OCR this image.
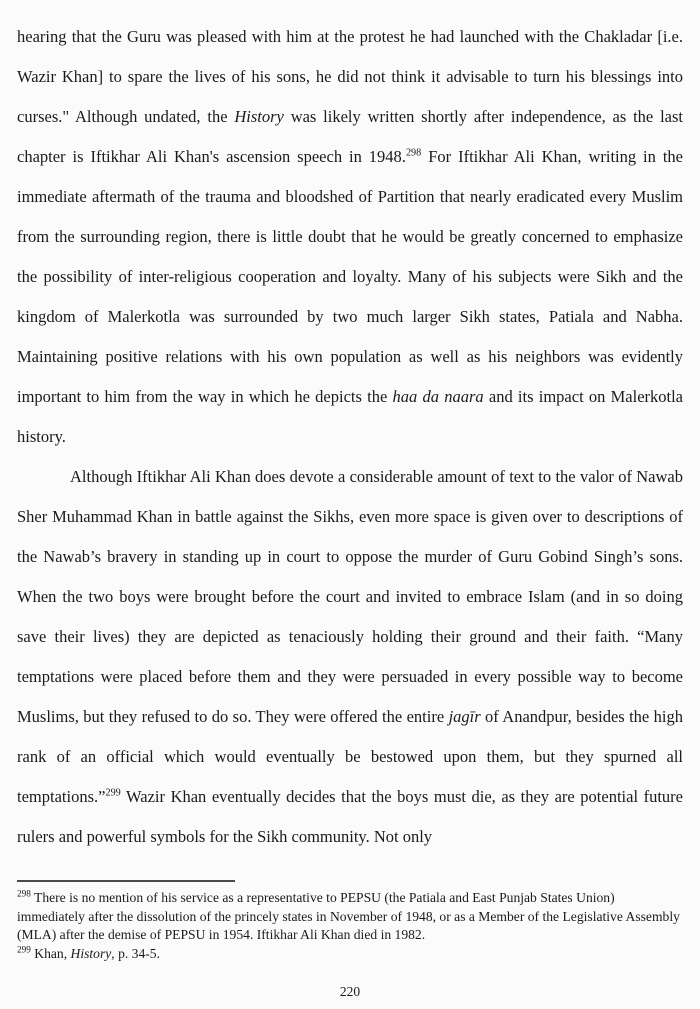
hearing that the Guru was pleased with him at the protest he had launched with the Chakladar [i.e. Wazir Khan] to spare the lives of his sons, he did not think it advisable to turn his blessings into curses." Although undated, the History was likely written shortly after independence, as the last chapter is Iftikhar Ali Khan's ascension speech in 1948.$^{298}$ For Iftikhar Ali Khan, writing in the immediate aftermath of the trauma and bloodshed of Partition that nearly eradicated every Muslim from the surrounding region, there is little doubt that he would be greatly concerned to emphasize the possibility of inter-religious cooperation and loyalty. Many of his subjects were Sikh and the kingdom of Malerkotla was surrounded by two much larger Sikh states, Patiala and Nabha. Maintaining positive relations with his own population as well as his neighbors was evidently important to him from the way in which he depicts the haa da naara and its impact on Malerkotla history.

Although Iftikhar Ali Khan does devote a considerable amount of text to the valor of Nawab Sher Muhammad Khan in battle against the Sikhs, even more space is given over to descriptions of the Nawab’s bravery in standing up in court to oppose the murder of Guru Gobind Singh’s sons. When the two boys were brought before the court and invited to embrace Islam (and in so doing save their lives) they are depicted as tenaciously holding their ground and their faith. “Many temptations were placed before them and they were persuaded in every possible way to become Muslims, but they refused to do so. They were offered the entire jagīr of Anandpur, besides the high rank of an official which would eventually be bestowed upon them, but they spurned all temptations.”$^{299}$ Wazir Khan eventually decides that the boys must die, as they are potential future rulers and powerful symbols for the Sikh community. Not only

$^{298}$ There is no mention of his service as a representative to PEPSU (the Patiala and East Punjab States Union) immediately after the dissolution of the princely states in November of 1948, or as a Member of the Legislative Assembly (MLA) after the demise of PEPSU in 1954. Iftikhar Ali Khan died in 1982.

$^{299}$ Khan, History, p. 34-5.

220
